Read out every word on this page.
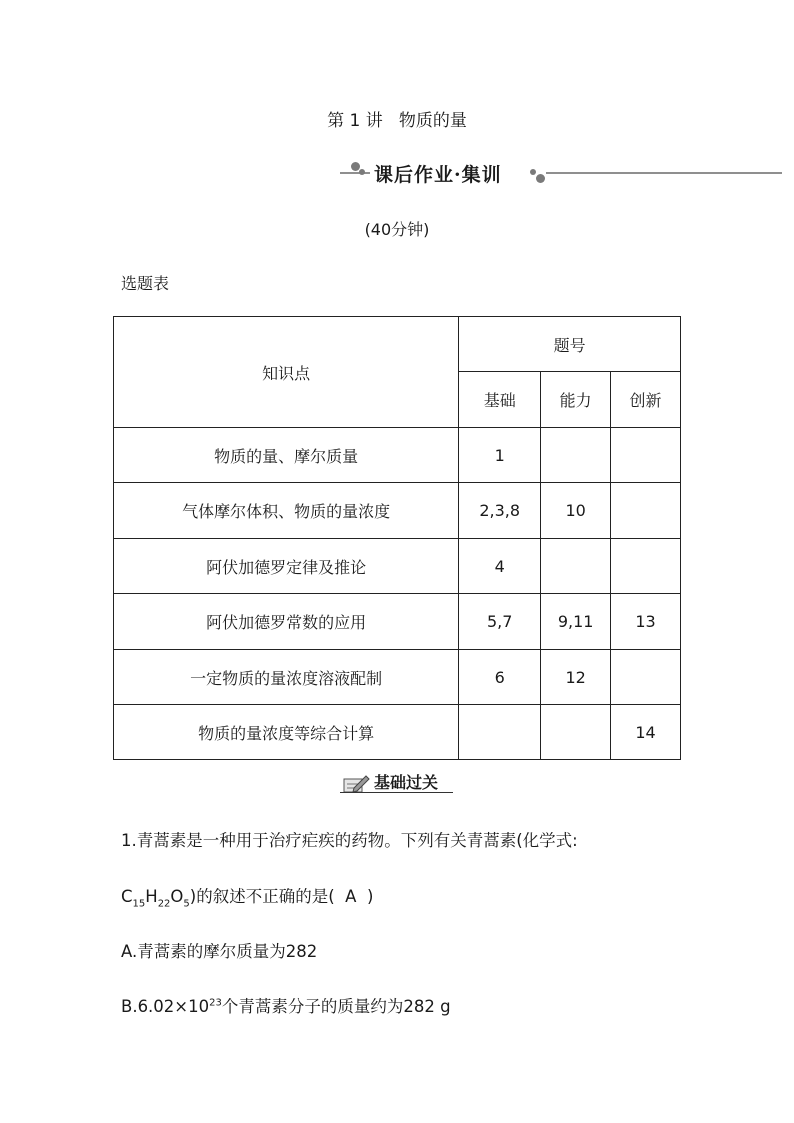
第 1 讲 物质的量
课后作业·集训
(40分钟)
选题表
知识点	题号		
	基础	能力	创新
物质的量、摩尔质量	1		
气体摩尔体积、物质的量浓度	2,3,8	10	
阿伏加德罗定律及推论	4		
阿伏加德罗常数的应用	5,7	9,11	13
一定物质的量浓度溶液配制	6	12	
物质的量浓度等综合计算			14
基础过关
1.青蒿素是一种用于治疗疟疾的药物。下列有关青蒿素(化学式:
$C_{15}H_{22}O_5$)的叙述不正确的是( A )
A.青蒿素的摩尔质量为282
$B.6.02\times 10^{23}$个青蒿素分子的质量约为282 g
